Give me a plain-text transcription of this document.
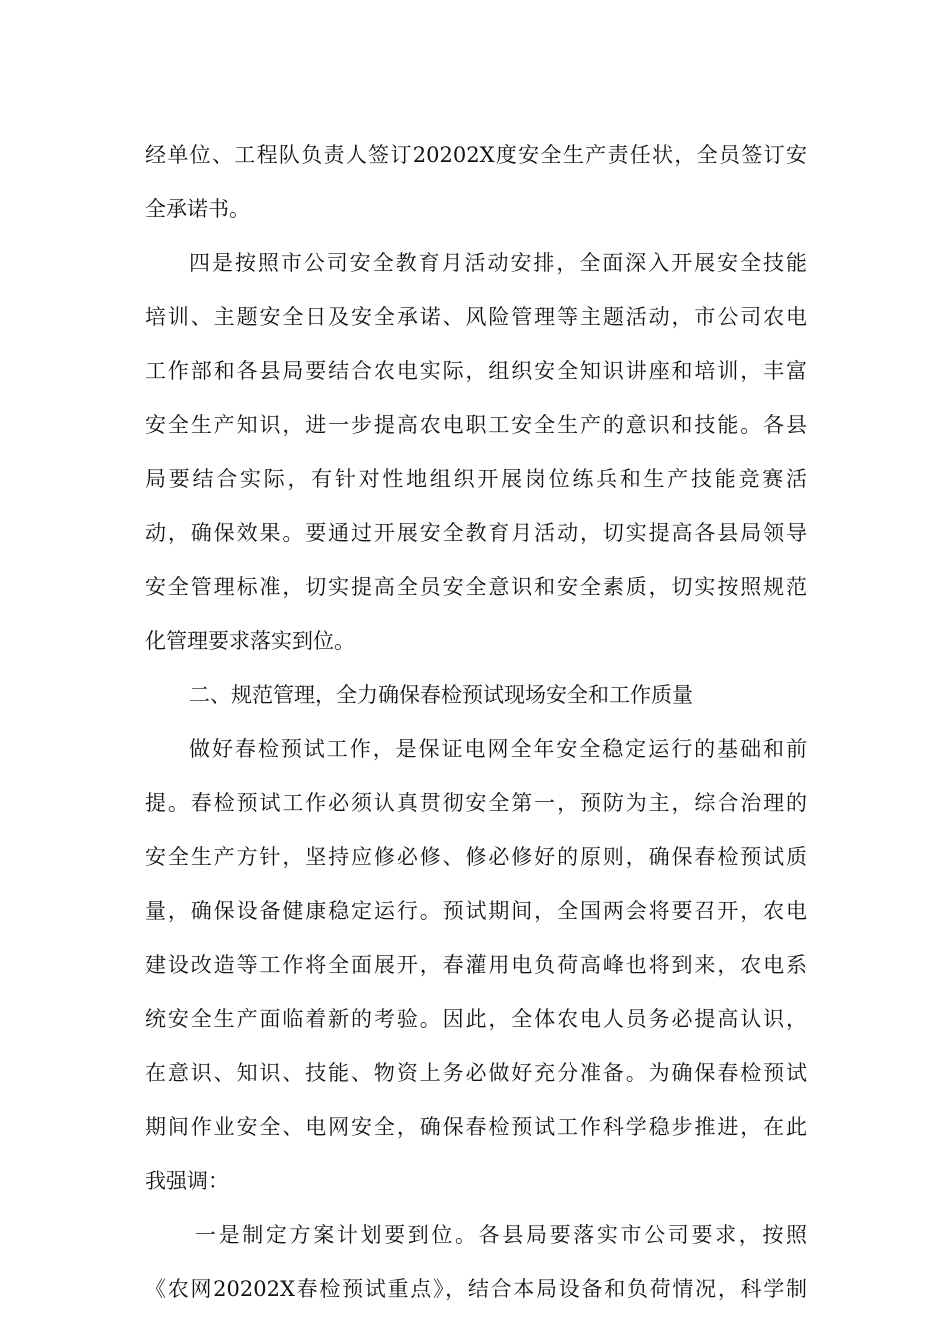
经单位、工程队负责人签订20202X度安全生产责任状，全员签订安
全承诺书。
四是按照市公司安全教育月活动安排，全面深入开展安全技能
培训、主题安全日及安全承诺、风险管理等主题活动，市公司农电
工作部和各县局要结合农电实际，组织安全知识讲座和培训，丰富
安全生产知识，进一步提高农电职工安全生产的意识和技能。各县
局要结合实际，有针对性地组织开展岗位练兵和生产技能竞赛活
动，确保效果。要通过开展安全教育月活动，切实提高各县局领导
安全管理标准，切实提高全员安全意识和安全素质，切实按照规范
化管理要求落实到位。
二、规范管理，全力确保春检预试现场安全和工作质量
做好春检预试工作，是保证电网全年安全稳定运行的基础和前
提。春检预试工作必须认真贯彻安全第一，预防为主，综合治理的
安全生产方针，坚持应修必修、修必修好的原则，确保春检预试质
量，确保设备健康稳定运行。预试期间，全国两会将要召开，农电
建设改造等工作将全面展开，春灌用电负荷高峰也将到来，农电系
统安全生产面临着新的考验。因此，全体农电人员务必提高认识，
在意识、知识、技能、物资上务必做好充分准备。为确保春检预试
期间作业安全、电网安全，确保春检预试工作科学稳步推进，在此
我强调：
一是制定方案计划要到位。各县局要落实市公司要求，按照
《农网20202X春检预试重点》，结合本局设备和负荷情况，科学制
